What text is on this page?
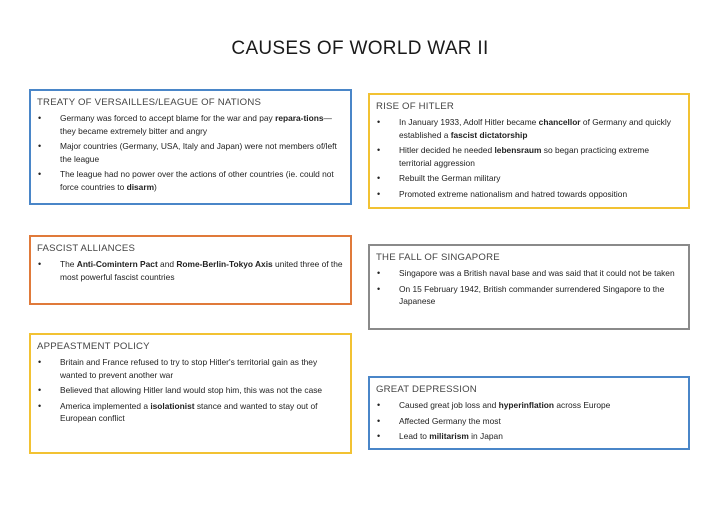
CAUSES OF WORLD WAR II
TREATY OF VERSAILLES/LEAGUE OF NATIONS
• Germany was forced to accept blame for the war and pay repara-tions—they became extremely bitter and angry
• Major countries (Germany, USA, Italy and Japan) were not members of/left the league
• The league had no power over the actions of other countries (ie. could not force countries to disarm)
RISE OF HITLER
• In January 1933, Adolf Hitler became chancellor of Germany and quickly established a fascist dictatorship
• Hitler decided he needed lebensraum so began practicing extreme territorial aggression
• Rebuilt the German military
• Promoted extreme nationalism and hatred towards opposition
FASCIST ALLIANCES
• The Anti-Comintern Pact and Rome-Berlin-Tokyo Axis united three of the most powerful fascist countries
THE FALL OF SINGAPORE
• Singapore was a British naval base and was said that it could not be taken
• On 15 February 1942, British commander surrendered Singapore to the Japanese
APPEASTMENT POLICY
• Britain and France refused to try to stop Hitler's territorial gain as they wanted to prevent another war
• Believed that allowing Hitler land would stop him, this was not the case
• America implemented a isolationist stance and wanted to stay out of European conflict
GREAT DEPRESSION
• Caused great job loss and hyperinflation across Europe
• Affected Germany the most
• Lead to militarism in Japan
